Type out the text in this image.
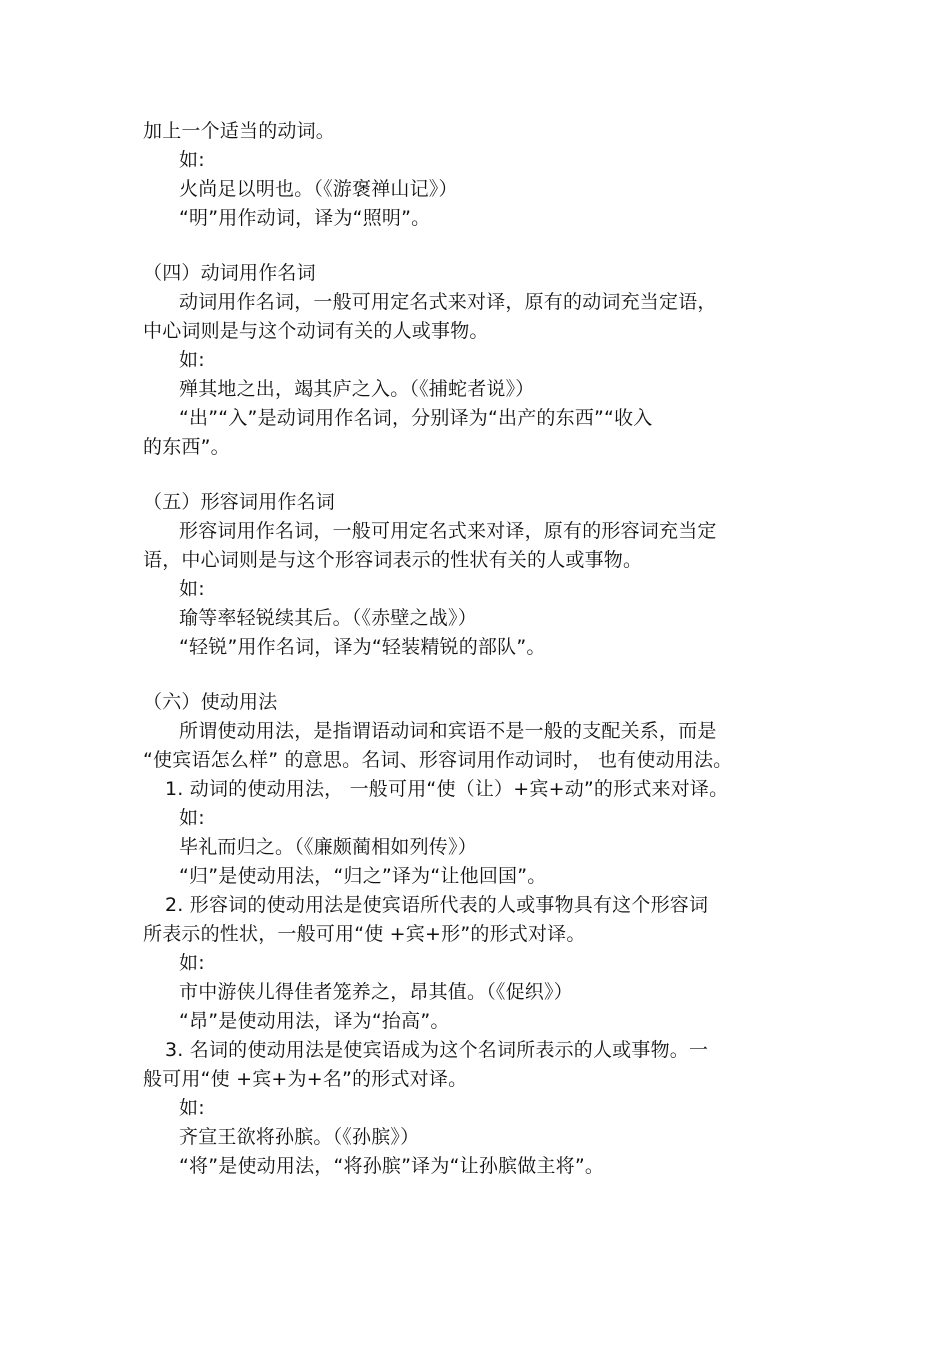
加上一个适当的动词。
如:
火尚足以明也。（《游褒禅山记》）
“明”用作动词，译为“照明”。
（四）动词用作名词
动词用作名词，一般可用定名式来对译，原有的动词充当定语，
中心词则是与这个动词有关的人或事物。
如:
殚其地之出，竭其庐之入。（《捕蛇者说》）
“出”“入”是动词用作名词，分别译为“出产的东西”“收入
的东西”。
（五）形容词用作名词
形容词用作名词，一般可用定名式来对译，原有的形容词充当定
语，中心词则是与这个形容词表示的性状有关的人或事物。
如:
瑜等率轻锐续其后。（《赤壁之战》）
“轻锐”用作名词，译为“轻装精锐的部队”。
（六）使动用法
所谓使动用法，是指谓语动词和宾语不是一般的支配关系，而是
“使宾语怎么样” 的意思。名词、形容词用作动词时， 也有使动用法。
1. 动词的使动用法， 一般可用“使（让）+宾+动”的形式来对译。
如:
毕礼而归之。（《廉颇蔺相如列传》）
“归”是使动用法，“归之”译为“让他回国”。
2. 形容词的使动用法是使宾语所代表的人或事物具有这个形容词
所表示的性状，一般可用“使 +宾+形”的形式对译。
如:
市中游侠儿得佳者笼养之，昂其值。（《促织》）
“昂”是使动用法，译为“抬高”。
3. 名词的使动用法是使宾语成为这个名词所表示的人或事物。一
般可用“使 +宾+为+名”的形式对译。
如:
齐宣王欲将孙膑。（《孙膑》）
“将”是使动用法，“将孙膑”译为“让孙膑做主将”。
